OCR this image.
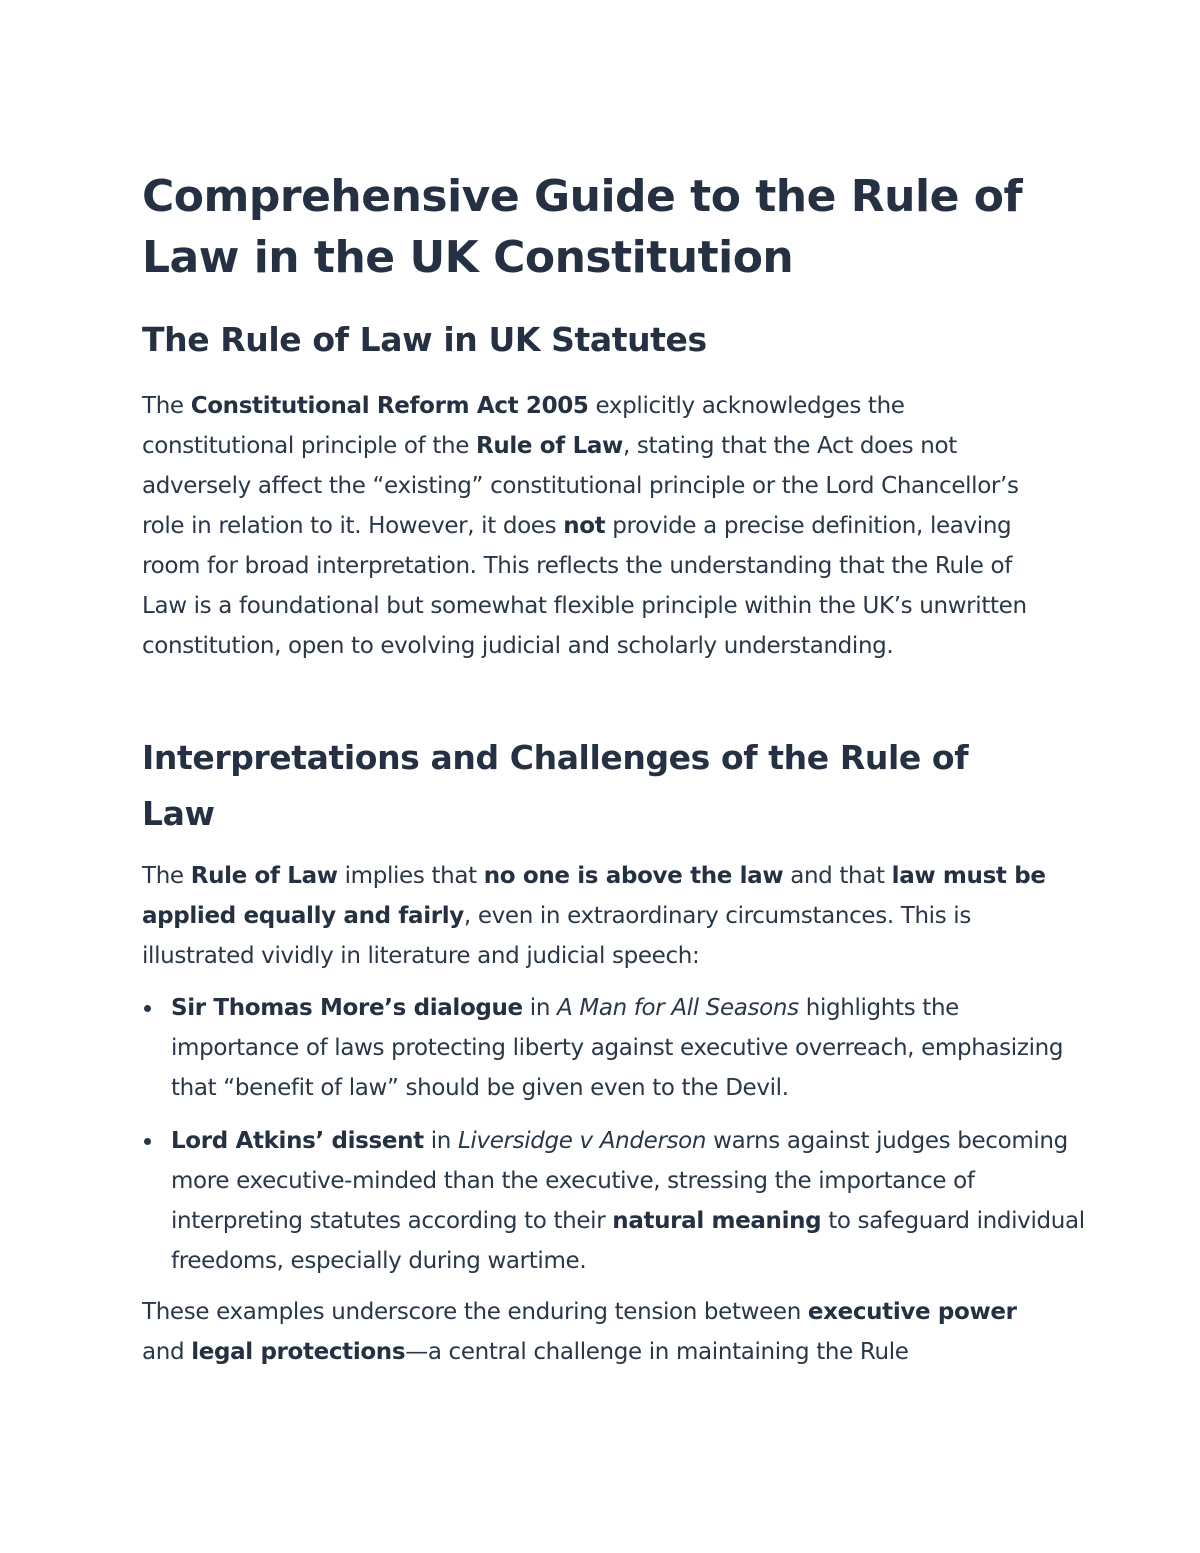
Comprehensive Guide to the Rule of Law in the UK Constitution
The Rule of Law in UK Statutes

The Constitutional Reform Act 2005 explicitly acknowledges the constitutional principle of the Rule of Law, stating that the Act does not adversely affect the “existing” constitutional principle or the Lord Chancellor’s role in relation to it. However, it does not provide a precise definition, leaving room for broad interpretation. This reflects the understanding that the Rule of Law is a foundational but somewhat flexible principle within the UK’s unwritten constitution, open to evolving judicial and scholarly understanding.

Interpretations and Challenges of the Rule of Law

The Rule of Law implies that no one is above the law and that law must be applied equally and fairly, even in extraordinary circumstances. This is illustrated vividly in literature and judicial speech:

Sir Thomas More’s dialogue in A Man for All Seasons highlights the importance of laws protecting liberty against executive overreach, emphasizing that “benefit of law” should be given even to the Devil.
Lord Atkins’ dissent in Liversidge v Anderson warns against judges becoming more executive-minded than the executive, stressing the importance of interpreting statutes according to their natural meaning to safeguard individual freedoms, especially during wartime.

These examples underscore the enduring tension between executive power and legal protections—a central challenge in maintaining the Rule
